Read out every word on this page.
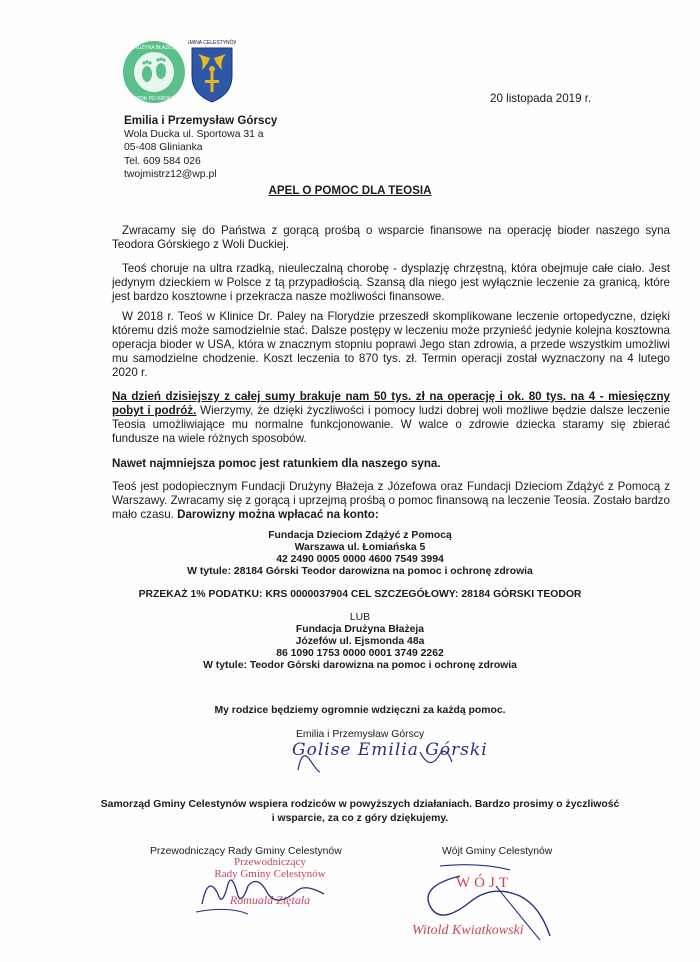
DRUŻYNA BŁAŻEJA
KROK PO KROKU
GMINA CELESTYNÓW
20 listopada 2019 r.
Emilia i Przemysław Górscy
Wola Ducka ul. Sportowa 31 a
05-408 Glinianka
Tel. 609 584 026
twojmistrz12@wp.pl
APEL O POMOC DLA TEOSIA
Zwracamy się do Państwa z gorącą prośbą o wsparcie finansowe na operację bioder naszego syna Teodora Górskiego z Woli Duckiej.
Teoś choruje na ultra rzadką, nieuleczalną chorobę - dysplazję chrzęstną, która obejmuje całe ciało. Jest jedynym dzieckiem w Polsce z tą przypadłością. Szansą dla niego jest wyłącznie leczenie za granicą, które jest bardzo kosztowne i przekracza nasze możliwości finansowe.
W 2018 r. Teoś w Klinice Dr. Paley na Florydzie przeszedł skomplikowane leczenie ortopedyczne, dzięki któremu dziś może samodzielnie stać. Dalsze postępy w leczeniu może przynieść jedynie kolejna kosztowna operacja bioder w USA, która w znacznym stopniu poprawi Jego stan zdrowia, a przede wszystkim umożliwi mu samodzielne chodzenie. Koszt leczenia to 870 tys. zł. Termin operacji został wyznaczony na 4 lutego 2020 r.
Na dzień dzisiejszy z całej sumy brakuje nam 50 tys. zł na operację i ok. 80 tys. na 4 - miesięczny pobyt i podróż. Wierzymy, że dzięki życzliwości i pomocy ludzi dobrej woli możliwe będzie dalsze leczenie Teosia umożliwiające mu normalne funkcjonowanie. W walce o zdrowie dziecka staramy się zbierać fundusze na wiele różnych sposobów.
Nawet najmniejsza pomoc jest ratunkiem dla naszego syna.
Teoś jest podopiecznym Fundacji Drużyny Błażeja z Józefowa oraz Fundacji Dzieciom Zdążyć z Pomocą z Warszawy. Zwracamy się z gorącą i uprzejmą prośbą o pomoc finansową na leczenie Teosia. Zostało bardzo mało czasu. Darowizny można wpłacać na konto:
Fundacja Dzieciom Zdążyć z Pomocą
Warszawa ul. Łomiańska 5
42 2490 0005 0000 4600 7549 3994
W tytule: 28184 Górski Teodor darowizna na pomoc i ochronę zdrowia
PRZEKAŻ 1% PODATKU: KRS 0000037904 CEL SZCZEGÓŁOWY: 28184 GÓRSKI TEODOR
LUB
Fundacja Drużyna Błażeja
Józefów ul. Ejsmonda 48a
86 1090 1753 0000 0001 3749 2262
W tytule: Teodor Górski darowizna na pomoc i ochronę zdrowia
My rodzice będziemy ogromnie wdzięczni za każdą pomoc.
Emilia i Przemysław Górscy
Golise Emilia Górski
Samorząd Gminy Celestynów wspiera rodziców w powyższych działaniach. Bardzo prosimy o życzliwość
i wsparcie, za co z góry dziękujemy.
Przewodniczący Rady Gminy Celestynów
Przewodniczący
Rady Gminy Celestynów
Romuald Ziętala
Wójt Gminy Celestynów
WÓJT
Witold Kwiatkowski
